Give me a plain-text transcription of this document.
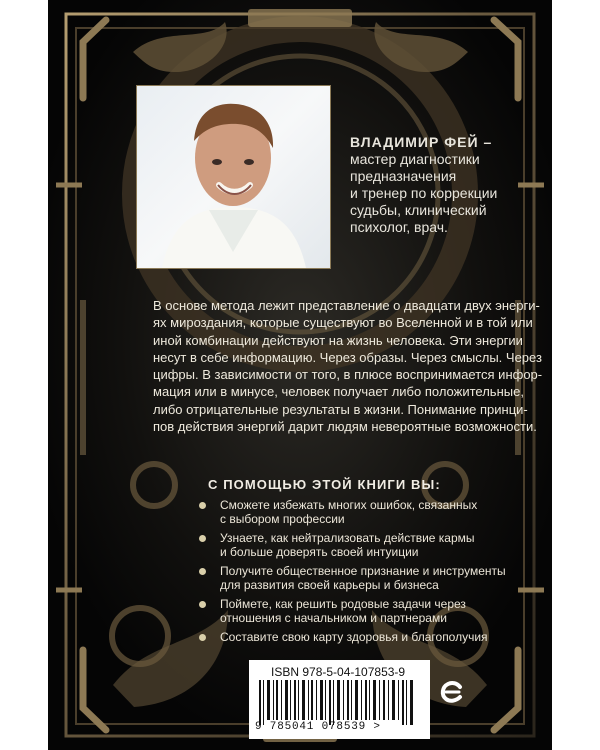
ВЛАДИМИР ФЕЙ –
мастер диагностики
предназначения
и тренер по коррекции
судьбы, клинический
психолог, врач.
В основе метода лежит представление о двадцати двух энерги-
ях мироздания, которые существуют во Вселенной и в той или
иной комбинации действуют на жизнь человека. Эти энергии
несут в себе информацию. Через образы. Через смыслы. Через
цифры. В зависимости от того, в плюсе воспринимается инфор-
мация или в минусе, человек получает либо положительные,
либо отрицательные результаты в жизни. Понимание принци-
пов действия энергий дарит людям невероятные возможности.
С ПОМОЩЬЮ ЭТОЙ КНИГИ ВЫ:
Сможете избежать многих ошибок, связанных
с выбором профессии
Узнаете, как нейтрализовать действие кармы
и больше доверять своей интуиции
Получите общественное признание и инструменты
для развития своей карьеры и бизнеса
Поймете, как решить родовые задачи через
отношения с начальником и партнерами
Составите свою карту здоровья и благополучия
ISBN 978-5-04-107853-9
9 785041 078539 >
